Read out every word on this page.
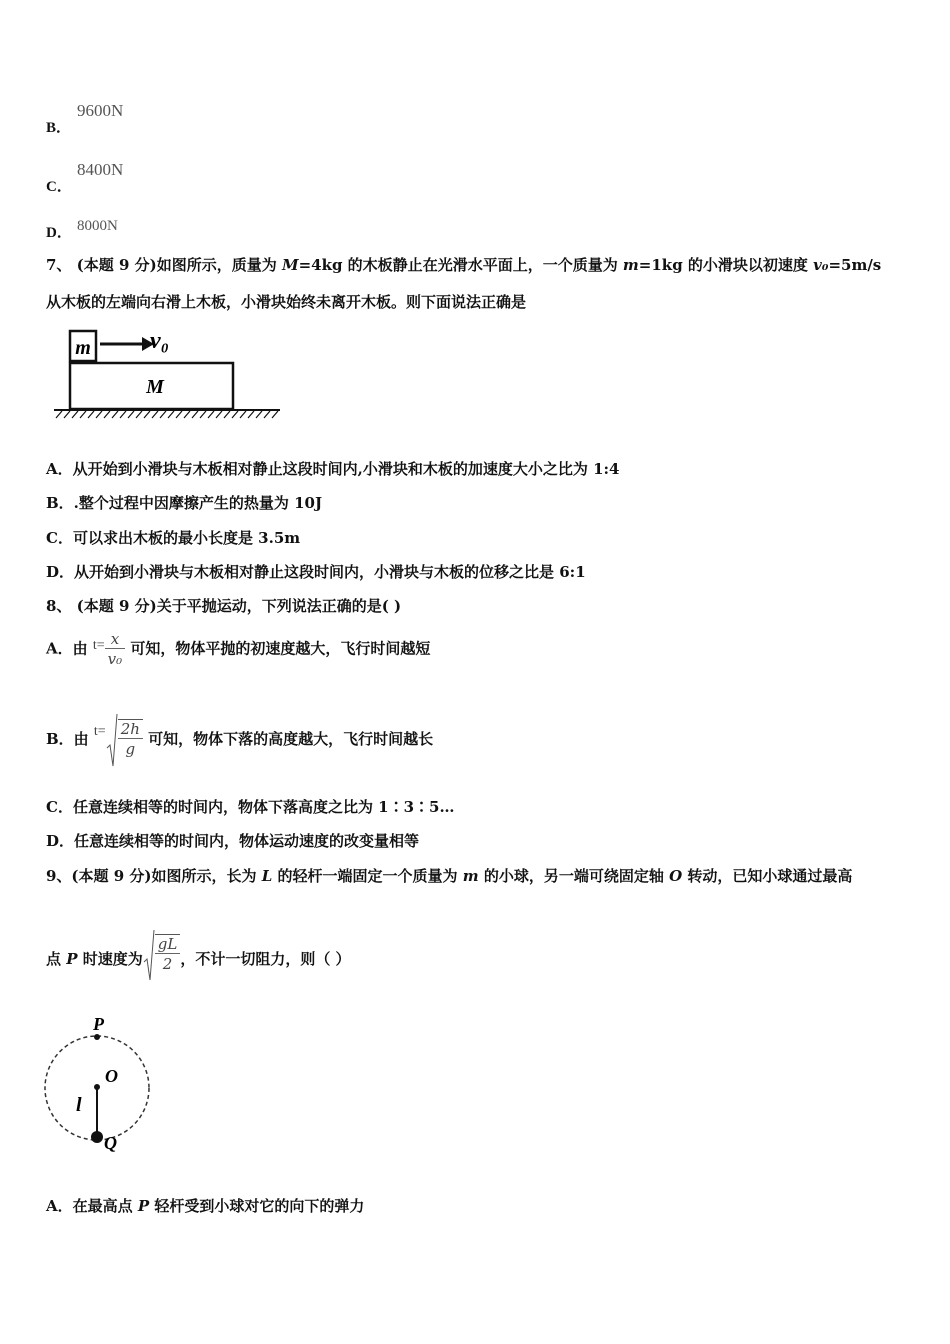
B．
9600N
C．
8400N
D． 8000N
7、 (本题 9 分)如图所示，质量为 M=4kg 的木板静止在光滑水平面上，一个质量为 m=1kg 的小滑块以初速度 v₀=5m/s
从木板的左端向右滑上木板，小滑块始终未离开木板。则下面说法正确是
m v₀
M
A．从开始到小滑块与木板相对静止这段时间内,小滑块和木板的加速度大小之比为 1:4
B．.整个过程中因摩擦产生的热量为 10J
C．可以求出木板的最小长度是 3.5m
D．从开始到小滑块与木板相对静止这段时间内，小滑块与木板的位移之比是 6:1
8、 (本题 9 分)关于平抛运动，下列说法正确的是( )
A．由 $t= \frac{x}{\text{v₀}}$ 可知，物体平抛的初速度越大，飞行时间越短
B．由 $t= \frac{2h}{g}$ 可知，物体下落的高度越大，飞行时间越长
C．任意连续相等的时间内，物体下落高度之比为 1∶3∶5…
D．任意连续相等的时间内，物体运动速度的改变量相等
9、(本题 9 分)如图所示，长为 L 的轻杆一端固定一个质量为 m 的小球，另一端可绕固定轴 O 转动，已知小球通过最高
点 P 时速度为 $\frac{gL}{2}$ ，不计一切阻力，则（ ）
P
O
l
Q
A．在最高点 P 轻杆受到小球对它的向下的弹力
